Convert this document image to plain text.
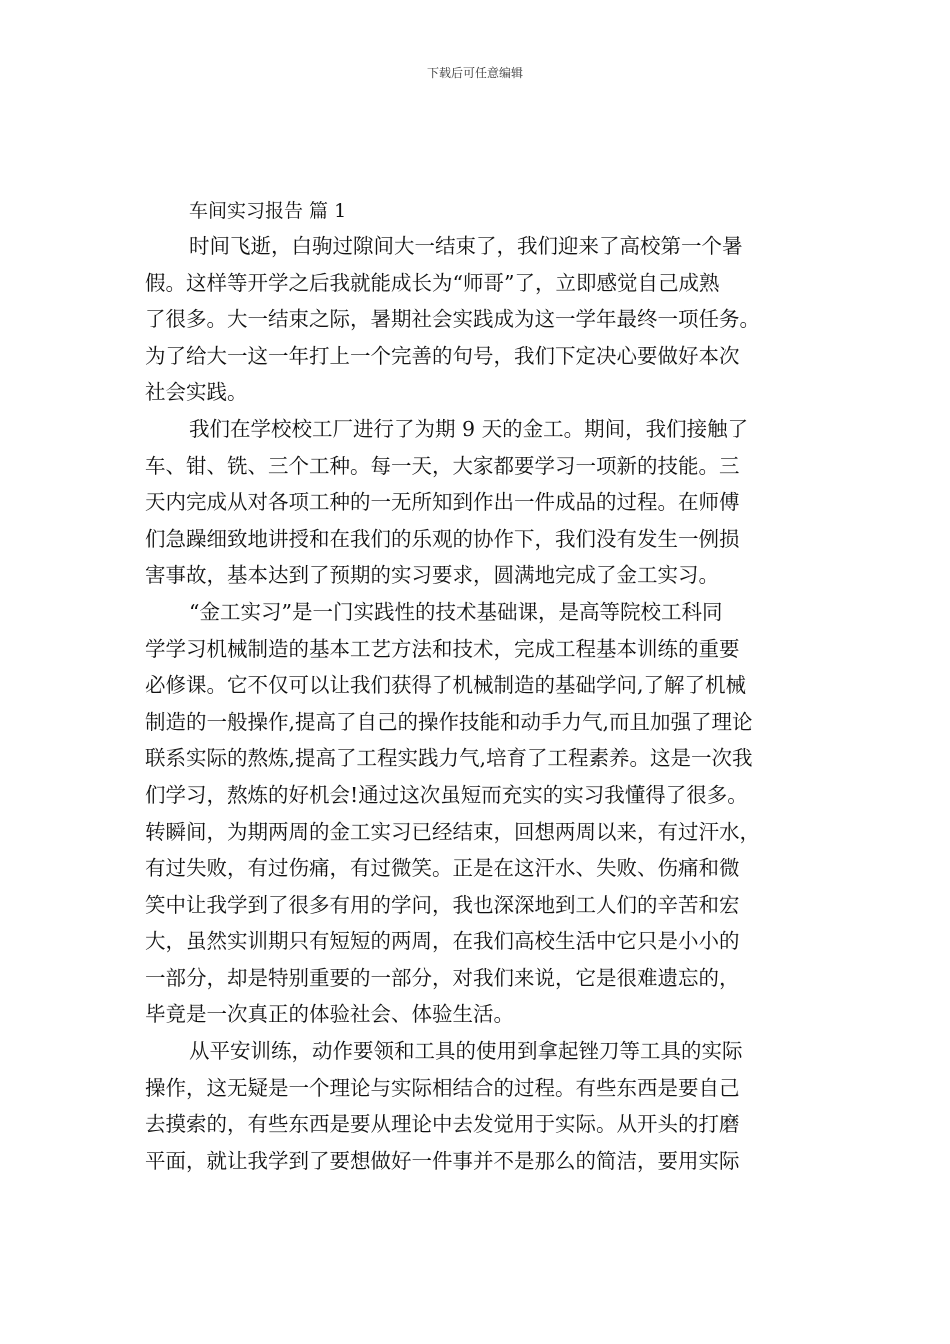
下载后可任意编辑
车间实习报告 篇 1
时间飞逝，白驹过隙间大一结束了，我们迎来了高校第一个暑
假。这样等开学之后我就能成长为“师哥”了，立即感觉自己成熟
了很多。大一结束之际，暑期社会实践成为这一学年最终一项任务。
为了给大一这一年打上一个完善的句号，我们下定决心要做好本次
社会实践。
我们在学校校工厂进行了为期 9 天的金工。期间，我们接触了
车、钳、铣、三个工种。每一天，大家都要学习一项新的技能。三
天内完成从对各项工种的一无所知到作出一件成品的过程。在师傅
们急躁细致地讲授和在我们的乐观的协作下，我们没有发生一例损
害事故，基本达到了预期的实习要求，圆满地完成了金工实习。
“金工实习”是一门实践性的技术基础课，是高等院校工科同
学学习机械制造的基本工艺方法和技术，完成工程基本训练的重要
必修课。它不仅可以让我们获得了机械制造的基础学问,了解了机械
制造的一般操作,提高了自己的操作技能和动手力气,而且加强了理论
联系实际的熬炼,提高了工程实践力气,培育了工程素养。这是一次我
们学习，熬炼的好机会!通过这次虽短而充实的实习我懂得了很多。
转瞬间，为期两周的金工实习已经结束，回想两周以来，有过汗水，
有过失败，有过伤痛，有过微笑。正是在这汗水、失败、伤痛和微
笑中让我学到了很多有用的学问，我也深深地到工人们的辛苦和宏
大，虽然实训期只有短短的两周，在我们高校生活中它只是小小的
一部分，却是特别重要的一部分，对我们来说，它是很难遗忘的，
毕竟是一次真正的体验社会、体验生活。
从平安训练，动作要领和工具的使用到拿起锉刀等工具的实际
操作，这无疑是一个理论与实际相结合的过程。有些东西是要自己
去摸索的，有些东西是要从理论中去发觉用于实际。从开头的打磨
平面，就让我学到了要想做好一件事并不是那么的简洁，要用实际
